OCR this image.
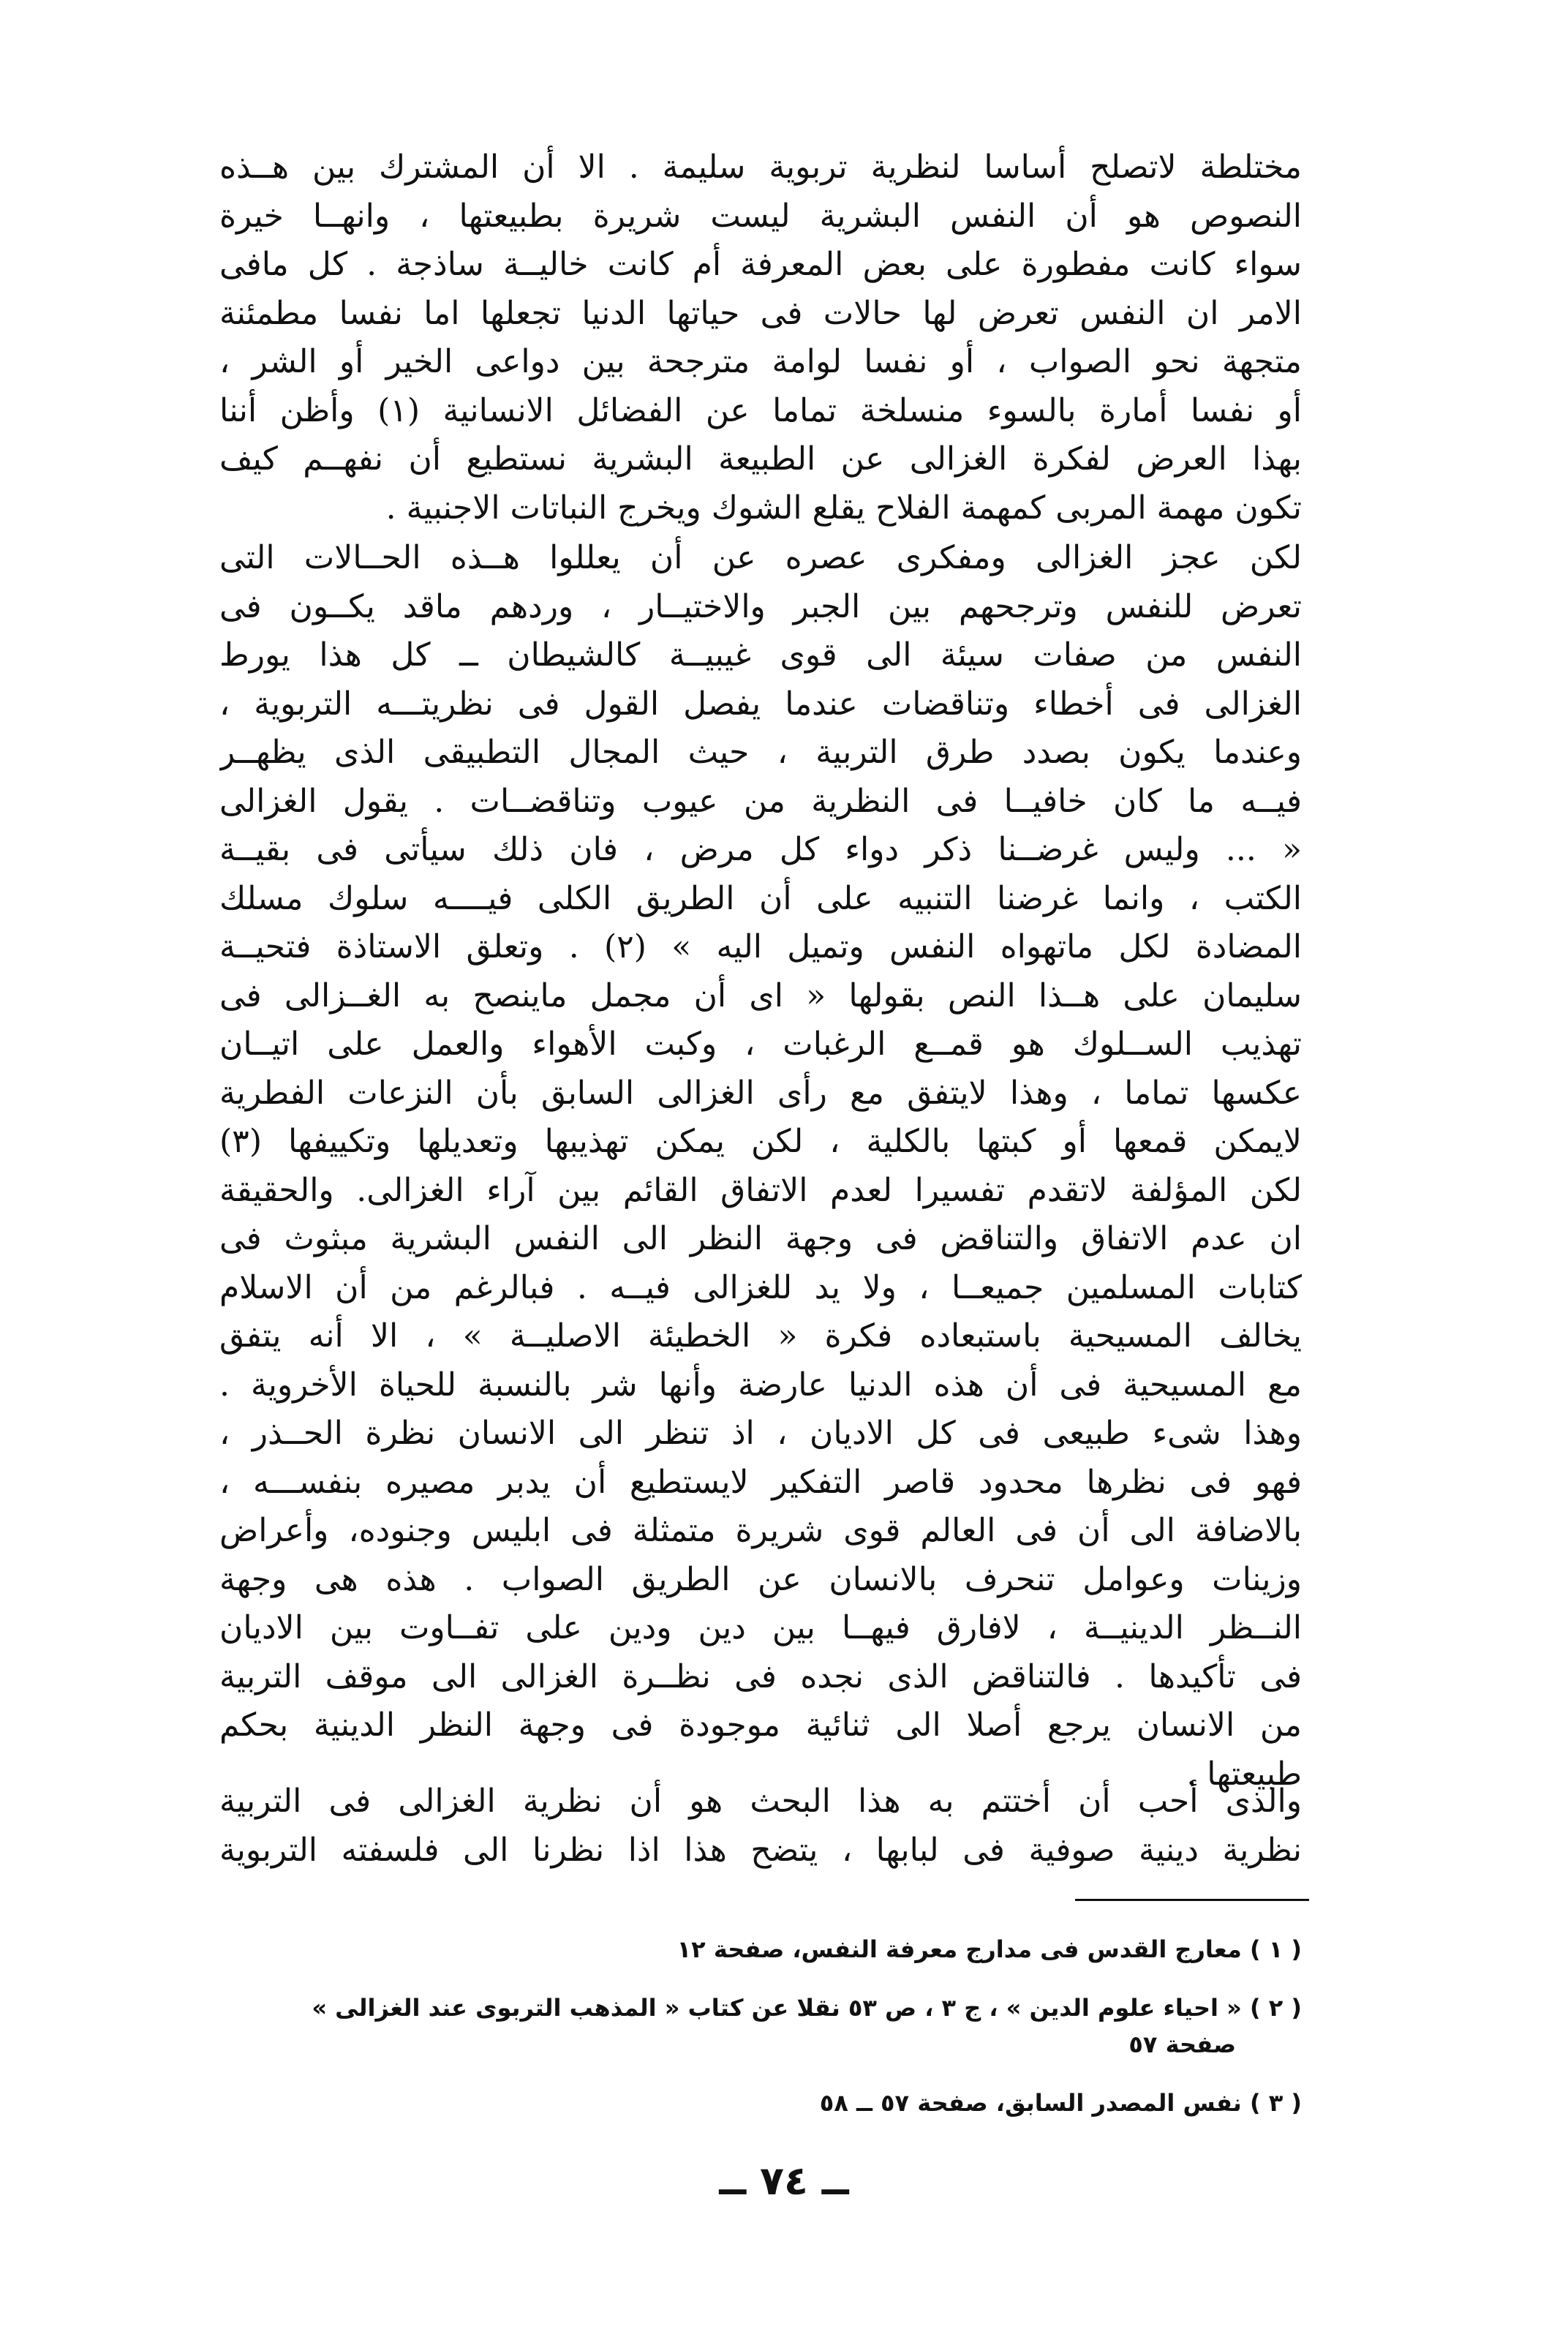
مختلطة لاتصلح أساسا لنظرية تربوية سليمة . الا أن المشترك بين هــذه
النصوص هو أن النفس البشرية ليست شريرة بطبيعتها ، وانهــا خيرة
سواء كانت مفطورة على بعض المعرفة أم كانت خاليــة ساذجة . كل مافى
الامر ان النفس تعرض لها حالات فى حياتها الدنيا تجعلها اما نفسا مطمئنة
متجهة نحو الصواب ، أو نفسا لوامة مترجحة بين دواعى الخير أو الشر ،
أو نفسا أمارة بالسوء منسلخة تماما عن الفضائل الانسانية (١) وأظن أننا
بهذا العرض لفكرة الغزالى عن الطبيعة البشرية نستطيع أن نفهــم كيف
تكون مهمة المربى كمهمة الفلاح يقلع الشوك ويخرج النباتات الاجنبية .
لكن عجز الغزالى ومفكرى عصره عن أن يعللوا هــذه الحــالات التى
تعرض للنفس وترجحهم بين الجبر والاختيــار ، وردهم ماقد يكــون فى
النفس من صفات سيئة الى قوى غيبيــة كالشيطان ــ كل هذا يورط
الغزالى فى أخطاء وتناقضات عندما يفصل القول فى نظريتـــه التربوية ،
وعندما يكون بصدد طرق التربية ، حيث المجال التطبيقى الذى يظهــر
فيــه ما كان خافيــا فى النظرية من عيوب وتناقضــات . يقول الغزالى
« ... وليس غرضــنا ذكر دواء كل مرض ، فان ذلك سيأتى فى بقيــة
الكتب ، وانما غرضنا التنبيه على أن الطريق الكلى فيــــه سلوك مسلك
المضادة لكل ماتهواه النفس وتميل اليه » (٢) . وتعلق الاستاذة فتحيــة
سليمان على هــذا النص بقولها « اى أن مجمل ماينصح به الغــزالى فى
تهذيب الســلوك هو قمــع الرغبات ، وكبت الأهواء والعمل على اتيــان
عكسها تماما ، وهذا لايتفق مع رأى الغزالى السابق بأن النزعات الفطرية
لايمكن قمعها أو كبتها بالكلية ، لكن يمكن تهذيبها وتعديلها وتكييفها (٣)
لكن المؤلفة لاتقدم تفسيرا لعدم الاتفاق القائم بين آراء الغزالى. والحقيقة
ان عدم الاتفاق والتناقض فى وجهة النظر الى النفس البشرية مبثوث فى
كتابات المسلمين جميعــا ، ولا يد للغزالى فيــه . فبالرغم من أن الاسلام
يخالف المسيحية باستبعاده فكرة « الخطيئة الاصليــة » ، الا أنه يتفق
مع المسيحية فى أن هذه الدنيا عارضة وأنها شر بالنسبة للحياة الأخروية .
وهذا شىء طبيعى فى كل الاديان ، اذ تنظر الى الانسان نظرة الحــذر ،
فهو فى نظرها محدود قاصر التفكير لايستطيع أن يدبر مصيره بنفســـه ،
بالاضافة الى أن فى العالم قوى شريرة متمثلة فى ابليس وجنوده، وأعراض
وزينات وعوامل تنحرف بالانسان عن الطريق الصواب . هذه هى وجهة
النــظر الدينيــة ، لافارق فيهــا بين دين ودين على تفــاوت بين الاديان
فى تأكيدها . فالتناقض الذى نجده فى نظــرة الغزالى الى موقف التربية
من الانسان يرجع أصلا الى ثنائية موجودة فى وجهة النظر الدينية بحكم
طبيعتها .
والذى أحب أن أختتم به هذا البحث هو أن نظرية الغزالى فى التربية
نظرية دينية صوفية فى لبابها ، يتضح هذا اذا نظرنا الى فلسفته التربوية
( ١ ) معارج القدس فى مدارج معرفة النفس، صفحة ١٢
( ٢ ) « احياء علوم الدين » ، ج ٣ ، ص ٥٣ نقلا عن كتاب « المذهب التربوى عند الغزالى »
صفحة ٥٧
( ٣ ) نفس المصدر السابق، صفحة ٥٧ ــ ٥٨
ــ ٧٤ ــ
